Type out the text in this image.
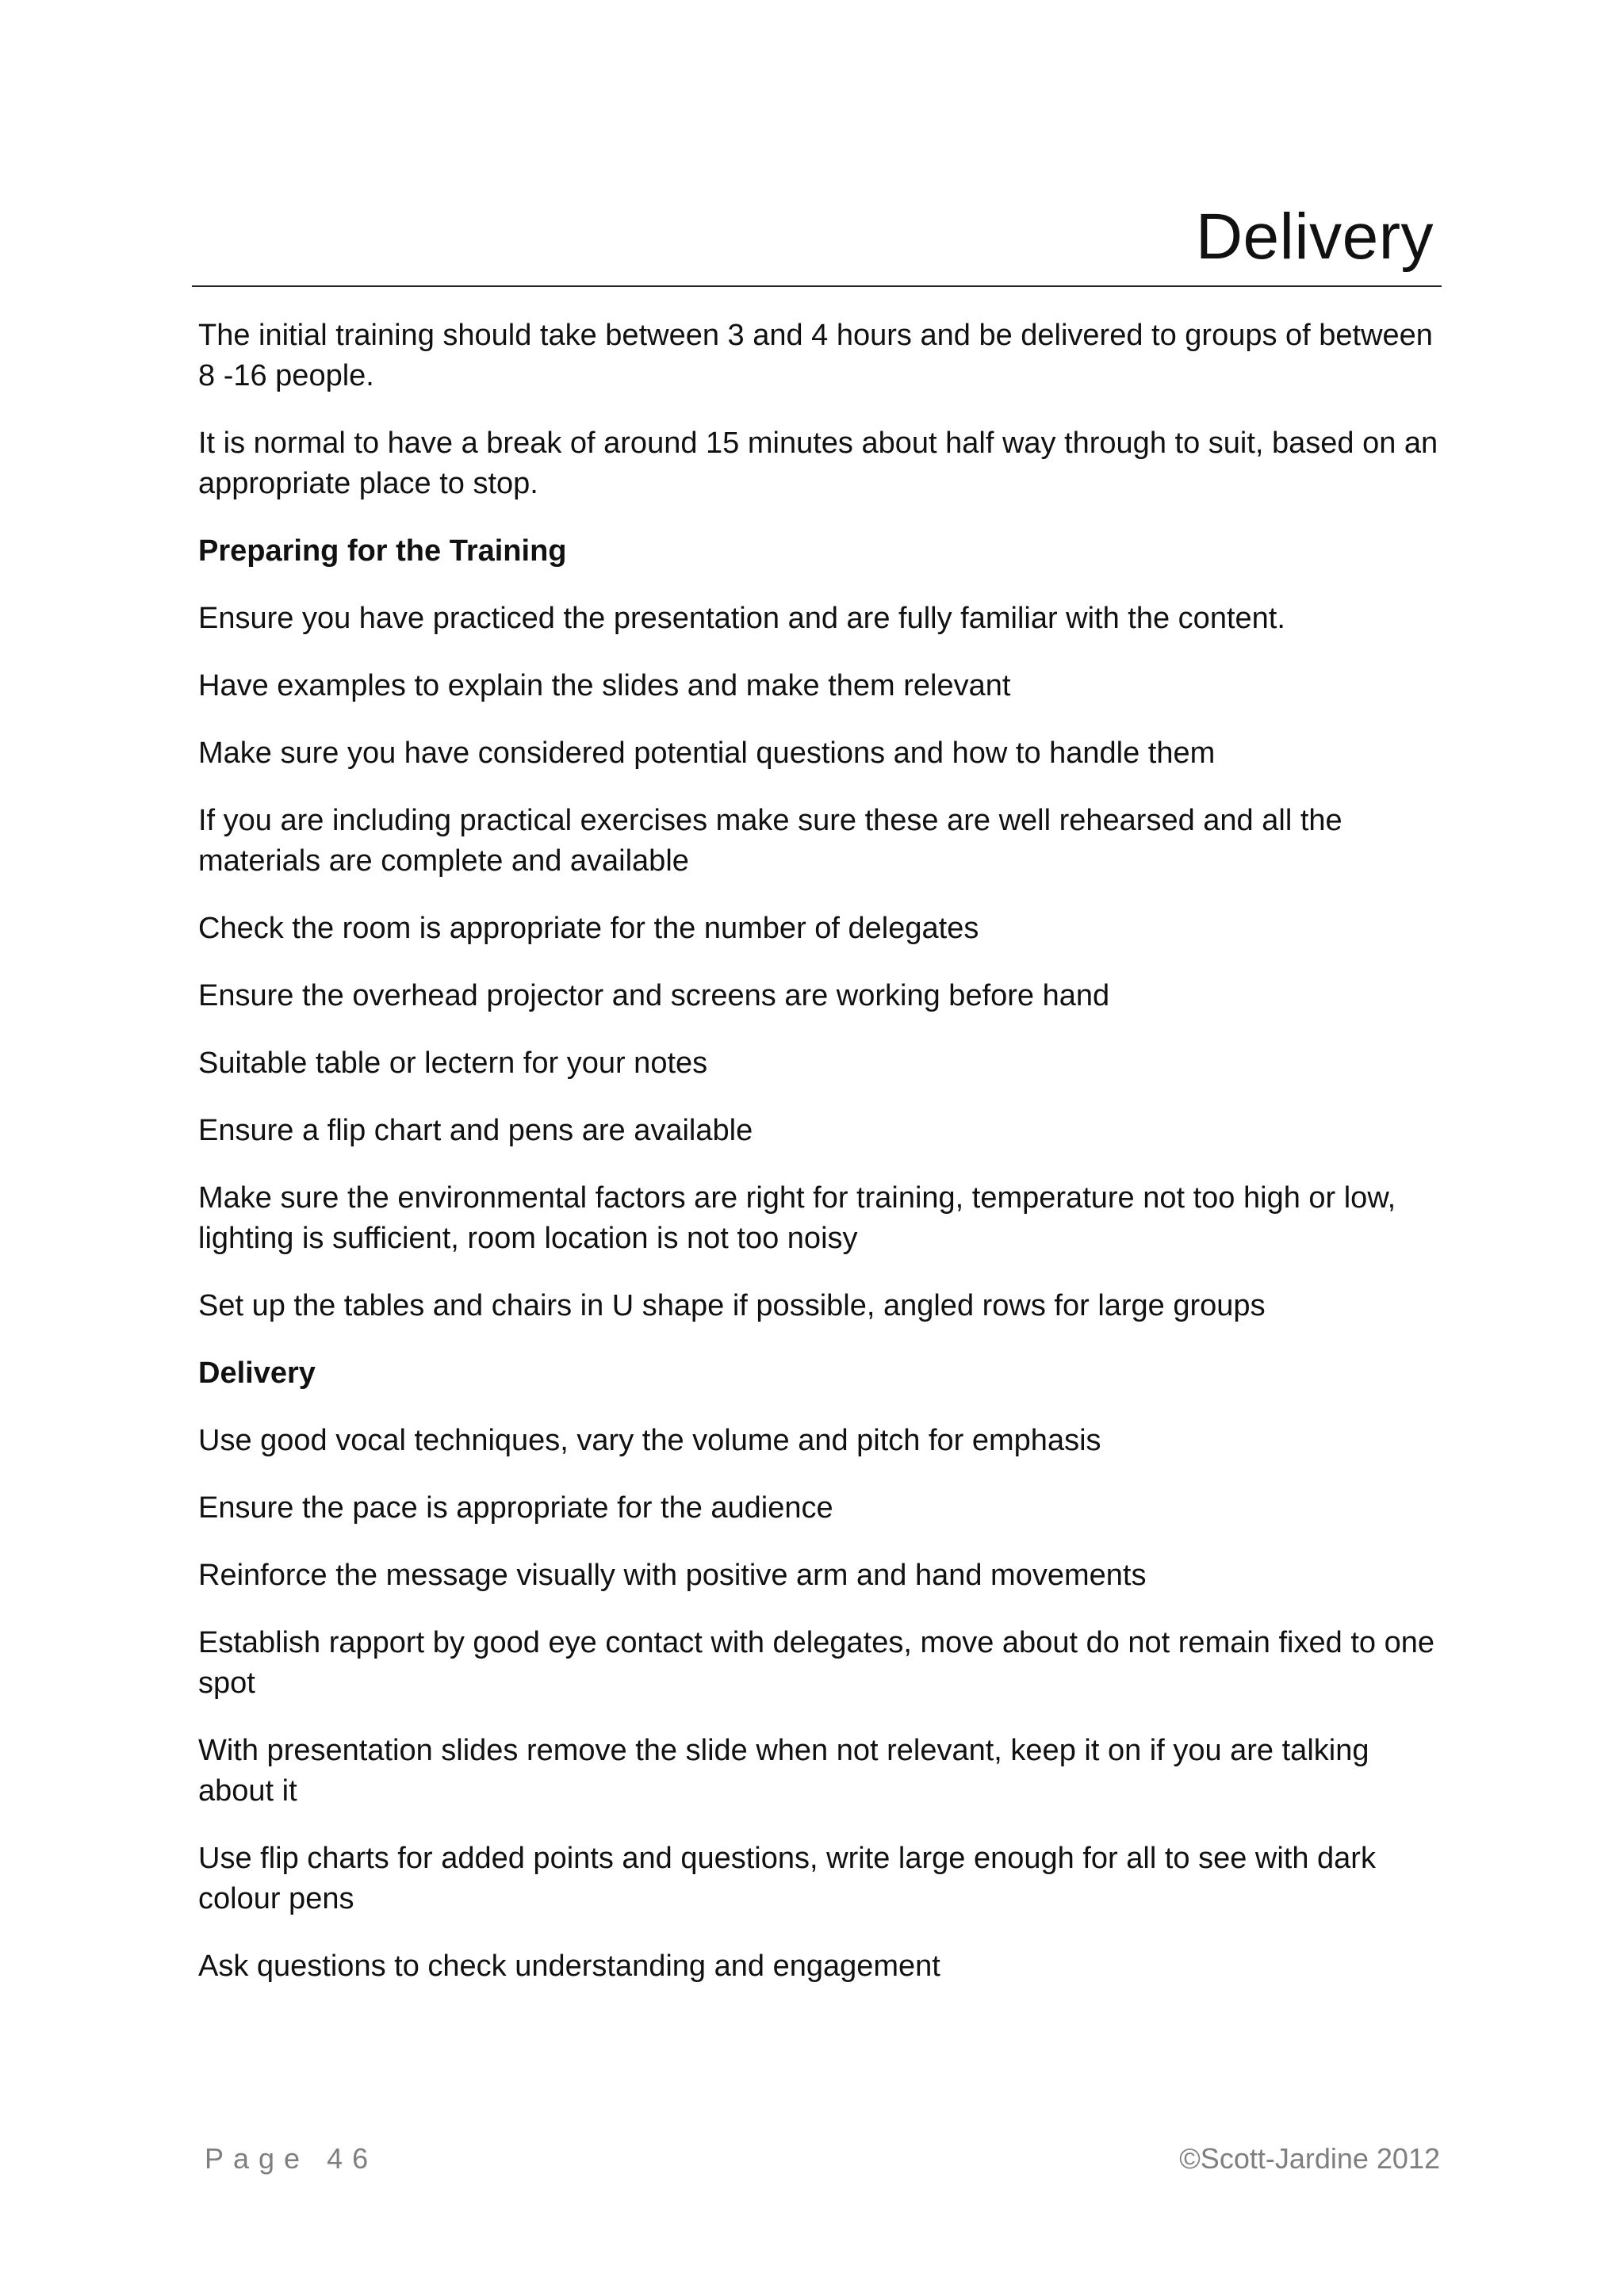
Delivery

The initial training should take between 3 and 4 hours and be delivered to groups of between 8 -16 people.

It is normal to have a break of around 15 minutes about half way through to suit, based on an appropriate place to stop.

Preparing for the Training

Ensure you have practiced the presentation and are fully familiar with the content.

Have examples to explain the slides and make them relevant

Make sure you have considered potential questions and how to handle them

If you are including practical exercises make sure these are well rehearsed and all the materials are complete and available

Check the room is appropriate for the number of delegates

Ensure the overhead projector and screens are working before hand

Suitable table or lectern for your notes

Ensure a flip chart and pens are available

Make sure the environmental factors are right for training, temperature not too high or low, lighting is sufficient, room location is not too noisy

Set up the tables and chairs in U shape if possible, angled rows for large groups

Delivery

Use good vocal techniques, vary the volume and pitch for emphasis

Ensure the pace is appropriate for the audience

Reinforce the message visually with positive arm and hand movements

Establish rapport by good eye contact with delegates, move about do not remain fixed to one spot

With presentation slides remove the slide when not relevant, keep it on if you are talking about it

Use flip charts for added points and questions, write large enough for all to see with dark colour pens

Ask questions to check understanding and engagement

Page 46	©Scott-Jardine 2012
